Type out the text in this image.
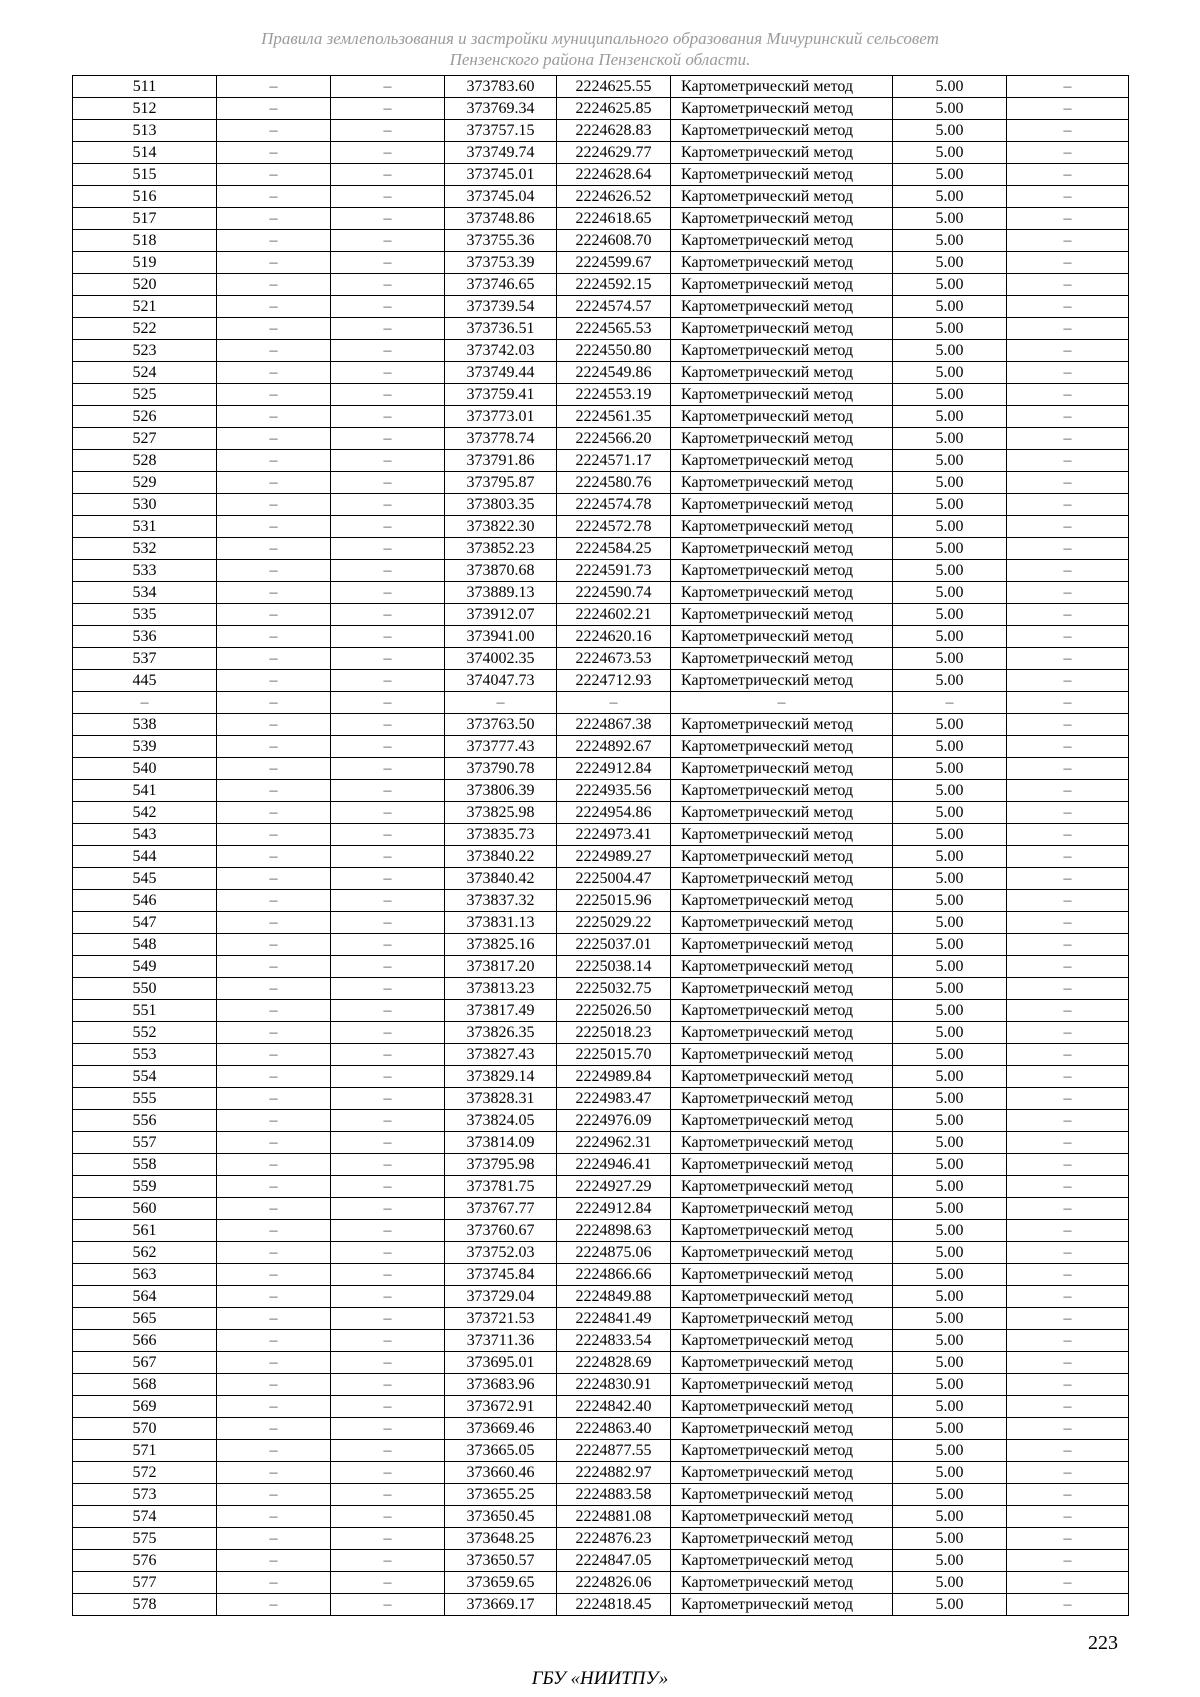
Правила землепользования и застройки муниципального образования Мичуринский сельсовет
Пензенского района Пензенской области.
511	–	–	373783.60	2224625.55	Картометрический метод	5.00	–
512	–	–	373769.34	2224625.85	Картометрический метод	5.00	–
513	–	–	373757.15	2224628.83	Картометрический метод	5.00	–
514	–	–	373749.74	2224629.77	Картометрический метод	5.00	–
515	–	–	373745.01	2224628.64	Картометрический метод	5.00	–
516	–	–	373745.04	2224626.52	Картометрический метод	5.00	–
517	–	–	373748.86	2224618.65	Картометрический метод	5.00	–
518	–	–	373755.36	2224608.70	Картометрический метод	5.00	–
519	–	–	373753.39	2224599.67	Картометрический метод	5.00	–
520	–	–	373746.65	2224592.15	Картометрический метод	5.00	–
521	–	–	373739.54	2224574.57	Картометрический метод	5.00	–
522	–	–	373736.51	2224565.53	Картометрический метод	5.00	–
523	–	–	373742.03	2224550.80	Картометрический метод	5.00	–
524	–	–	373749.44	2224549.86	Картометрический метод	5.00	–
525	–	–	373759.41	2224553.19	Картометрический метод	5.00	–
526	–	–	373773.01	2224561.35	Картометрический метод	5.00	–
527	–	–	373778.74	2224566.20	Картометрический метод	5.00	–
528	–	–	373791.86	2224571.17	Картометрический метод	5.00	–
529	–	–	373795.87	2224580.76	Картометрический метод	5.00	–
530	–	–	373803.35	2224574.78	Картометрический метод	5.00	–
531	–	–	373822.30	2224572.78	Картометрический метод	5.00	–
532	–	–	373852.23	2224584.25	Картометрический метод	5.00	–
533	–	–	373870.68	2224591.73	Картометрический метод	5.00	–
534	–	–	373889.13	2224590.74	Картометрический метод	5.00	–
535	–	–	373912.07	2224602.21	Картометрический метод	5.00	–
536	–	–	373941.00	2224620.16	Картометрический метод	5.00	–
537	–	–	374002.35	2224673.53	Картометрический метод	5.00	–
445	–	–	374047.73	2224712.93	Картометрический метод	5.00	–
–	–	–	–	–	–	–	–
538	–	–	373763.50	2224867.38	Картометрический метод	5.00	–
539	–	–	373777.43	2224892.67	Картометрический метод	5.00	–
540	–	–	373790.78	2224912.84	Картометрический метод	5.00	–
541	–	–	373806.39	2224935.56	Картометрический метод	5.00	–
542	–	–	373825.98	2224954.86	Картометрический метод	5.00	–
543	–	–	373835.73	2224973.41	Картометрический метод	5.00	–
544	–	–	373840.22	2224989.27	Картометрический метод	5.00	–
545	–	–	373840.42	2225004.47	Картометрический метод	5.00	–
546	–	–	373837.32	2225015.96	Картометрический метод	5.00	–
547	–	–	373831.13	2225029.22	Картометрический метод	5.00	–
548	–	–	373825.16	2225037.01	Картометрический метод	5.00	–
549	–	–	373817.20	2225038.14	Картометрический метод	5.00	–
550	–	–	373813.23	2225032.75	Картометрический метод	5.00	–
551	–	–	373817.49	2225026.50	Картометрический метод	5.00	–
552	–	–	373826.35	2225018.23	Картометрический метод	5.00	–
553	–	–	373827.43	2225015.70	Картометрический метод	5.00	–
554	–	–	373829.14	2224989.84	Картометрический метод	5.00	–
555	–	–	373828.31	2224983.47	Картометрический метод	5.00	–
556	–	–	373824.05	2224976.09	Картометрический метод	5.00	–
557	–	–	373814.09	2224962.31	Картометрический метод	5.00	–
558	–	–	373795.98	2224946.41	Картометрический метод	5.00	–
559	–	–	373781.75	2224927.29	Картометрический метод	5.00	–
560	–	–	373767.77	2224912.84	Картометрический метод	5.00	–
561	–	–	373760.67	2224898.63	Картометрический метод	5.00	–
562	–	–	373752.03	2224875.06	Картометрический метод	5.00	–
563	–	–	373745.84	2224866.66	Картометрический метод	5.00	–
564	–	–	373729.04	2224849.88	Картометрический метод	5.00	–
565	–	–	373721.53	2224841.49	Картометрический метод	5.00	–
566	–	–	373711.36	2224833.54	Картометрический метод	5.00	–
567	–	–	373695.01	2224828.69	Картометрический метод	5.00	–
568	–	–	373683.96	2224830.91	Картометрический метод	5.00	–
569	–	–	373672.91	2224842.40	Картометрический метод	5.00	–
570	–	–	373669.46	2224863.40	Картометрический метод	5.00	–
571	–	–	373665.05	2224877.55	Картометрический метод	5.00	–
572	–	–	373660.46	2224882.97	Картометрический метод	5.00	–
573	–	–	373655.25	2224883.58	Картометрический метод	5.00	–
574	–	–	373650.45	2224881.08	Картометрический метод	5.00	–
575	–	–	373648.25	2224876.23	Картометрический метод	5.00	–
576	–	–	373650.57	2224847.05	Картометрический метод	5.00	–
577	–	–	373659.65	2224826.06	Картометрический метод	5.00	–
578	–	–	373669.17	2224818.45	Картометрический метод	5.00	–
223
ГБУ «НИИТПУ»
